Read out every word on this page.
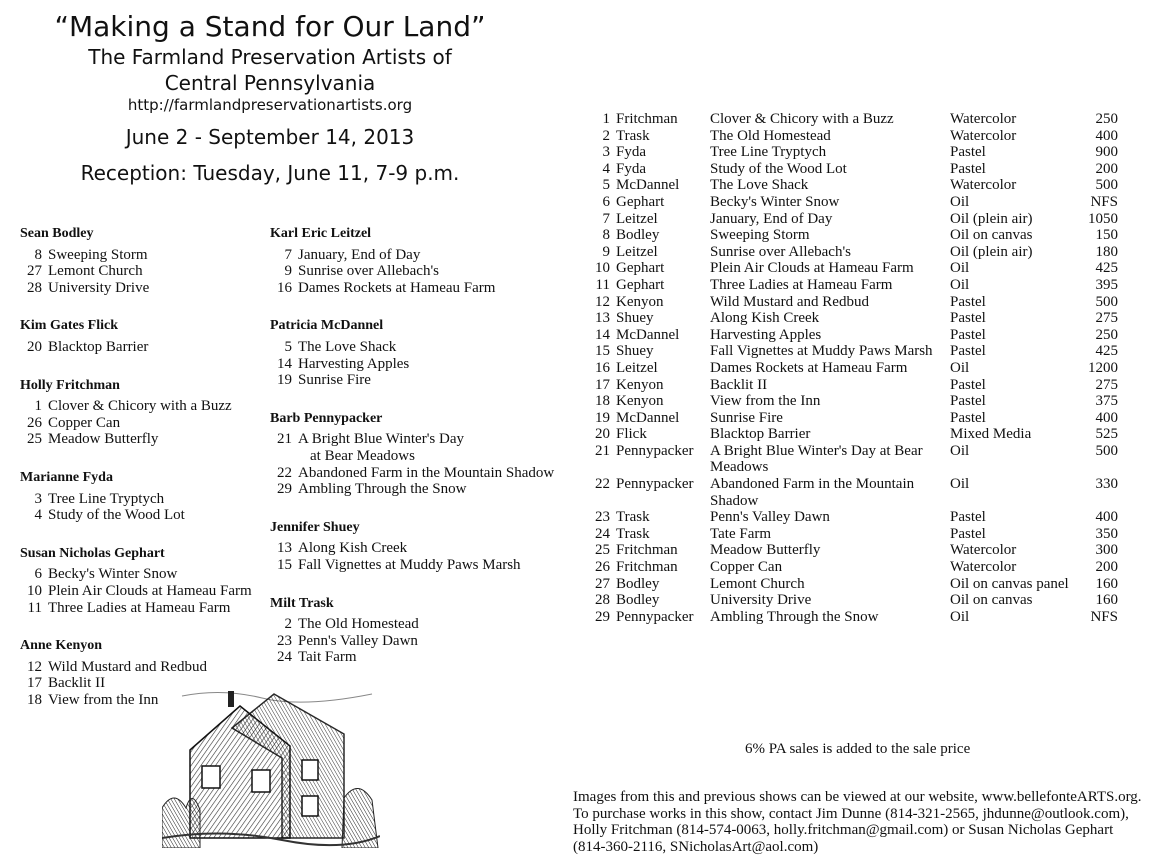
“Making a Stand for Our Land”
The Farmland Preservation Artists of
Central Pennsylvania
http://farmlandpreservationartists.org
June 2 - September 14, 2013
Reception: Tuesday, June 11, 7-9 p.m.
Sean Bodley
8 Sweeping Storm
27 Lemont Church
28 University Drive
Kim Gates Flick
20 Blacktop Barrier
Holly Fritchman
1 Clover & Chicory with a Buzz
26 Copper Can
25 Meadow Butterfly
Marianne Fyda
3 Tree Line Tryptych
4 Study of the Wood Lot
Susan Nicholas Gephart
6 Becky's Winter Snow
10 Plein Air Clouds at Hameau Farm
11 Three Ladies at Hameau Farm
Anne Kenyon
12 Wild Mustard and Redbud
17 Backlit II
18 View from the Inn
Karl Eric Leitzel
7 January, End of Day
9 Sunrise over Allebach's
16 Dames Rockets at Hameau Farm
Patricia McDannel
5 The Love Shack
14 Harvesting Apples
19 Sunrise Fire
Barb Pennypacker
21 A Bright Blue Winter's Day
at Bear Meadows
22 Abandoned Farm in the Mountain Shadow
29 Ambling Through the Snow
Jennifer Shuey
13 Along Kish Creek
15 Fall Vignettes at Muddy Paws Marsh
Milt Trask
2 The Old Homestead
23 Penn's Valley Dawn
24 Tait Farm
1	Fritchman	Clover & Chicory with a Buzz	Watercolor	250
2	Trask	The Old Homestead	Watercolor	400
3	Fyda	Tree Line Tryptych	Pastel	900
4	Fyda	Study of the Wood Lot	Pastel	200
5	McDannel	The Love Shack	Watercolor	500
6	Gephart	Becky's Winter Snow	Oil	NFS
7	Leitzel	January, End of Day	Oil (plein air)	1050
8	Bodley	Sweeping Storm	Oil on canvas	150
9	Leitzel	Sunrise over Allebach's	Oil (plein air)	180
10	Gephart	Plein Air Clouds at Hameau Farm	Oil	425
11	Gephart	Three Ladies at Hameau Farm	Oil	395
12	Kenyon	Wild Mustard and Redbud	Pastel	500
13	Shuey	Along Kish Creek	Pastel	275
14	McDannel	Harvesting Apples	Pastel	250
15	Shuey	Fall Vignettes at Muddy Paws Marsh	Pastel	425
16	Leitzel	Dames Rockets at Hameau Farm	Oil	1200
17	Kenyon	Backlit II	Pastel	275
18	Kenyon	View from the Inn	Pastel	375
19	McDannel	Sunrise Fire	Pastel	400
20	Flick	Blacktop Barrier	Mixed Media	525
21	Pennypacker	A Bright Blue Winter's Day at Bear Meadows	Oil	500
22	Pennypacker	Abandoned Farm in the Mountain Shadow	Oil	330
23	Trask	Penn's Valley Dawn	Pastel	400
24	Trask	Tate Farm	Pastel	350
25	Fritchman	Meadow Butterfly	Watercolor	300
26	Fritchman	Copper Can	Watercolor	200
27	Bodley	Lemont Church	Oil on canvas panel	160
28	Bodley	University Drive	Oil on canvas	160
29	Pennypacker	Ambling Through the Snow	Oil	NFS
6% PA sales is added to the sale price
Images from this and previous shows can be viewed at our website, www.bellefonteARTS.org.
To purchase works in this show, contact Jim Dunne (814-321-2565, jhdunne@outlook.com),
Holly Fritchman (814-574-0063, holly.fritchman@gmail.com) or Susan Nicholas Gephart
(814-360-2116, SNicholasArt@aol.com)
